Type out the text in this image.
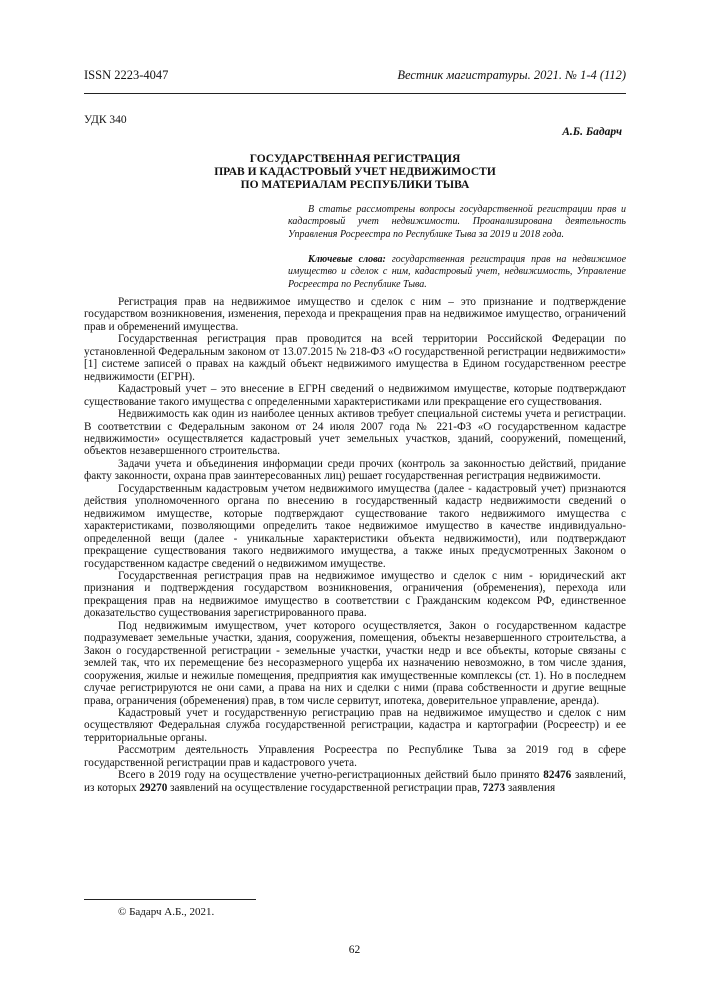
ISSN 2223-4047	Вестник магистратуры. 2021. № 1-4 (112)
УДК 340
А.Б. Бадарч
ГОСУДАРСТВЕННАЯ РЕГИСТРАЦИЯ
ПРАВ И КАДАСТРОВЫЙ УЧЕТ НЕДВИЖИМОСТИ
ПО МАТЕРИАЛАМ РЕСПУБЛИКИ ТЫВА

В статье рассмотрены вопросы государственной регистрации прав и кадастровый учет недвижимости. Проанализирована деятельность Управления Росреестра по Республике Тыва за 2019 и 2018 года.

Ключевые слова: государственная регистрация прав на недвижимое имущество и сделок с ним, кадастровый учет, недвижимость, Управление Росреестра по Республике Тыва.

Регистрация прав на недвижимое имущество и сделок с ним – это признание и подтверждение государством возникновения, изменения, перехода и прекращения прав на недвижимое имущество, ограничений прав и обременений имущества.

Государственная регистрация прав проводится на всей территории Российской Федерации по установленной Федеральным законом от 13.07.2015 № 218-ФЗ «О государственной регистрации недвижимости» [1] системе записей о правах на каждый объект недвижимого имущества в Едином государственном реестре недвижимости (ЕГРН).

Кадастровый учет – это внесение в ЕГРН сведений о недвижимом имуществе, которые подтверждают существование такого имущества с определенными характеристиками или прекращение его существования.

Недвижимость как один из наиболее ценных активов требует специальной системы учета и регистрации. В соответствии с Федеральным законом от 24 июля 2007 года № 221-ФЗ «О государственном кадастре недвижимости» осуществляется кадастровый учет земельных участков, зданий, сооружений, помещений, объектов незавершенного строительства.

Задачи учета и объединения информации среди прочих (контроль за законностью действий, придание факту законности, охрана прав заинтересованных лиц) решает государственная регистрация недвижимости.

Государственным кадастровым учетом недвижимого имущества (далее - кадастровый учет) признаются действия уполномоченного органа по внесению в государственный кадастр недвижимости сведений о недвижимом имуществе, которые подтверждают существование такого недвижимого имущества с характеристиками, позволяющими определить такое недвижимое имущество в качестве индивидуально-определенной вещи (далее - уникальные характеристики объекта недвижимости), или подтверждают прекращение существования такого недвижимого имущества, а также иных предусмотренных Законом о государственном кадастре сведений о недвижимом имуществе.

Государственная регистрация прав на недвижимое имущество и сделок с ним - юридический акт признания и подтверждения государством возникновения, ограничения (обременения), перехода или прекращения прав на недвижимое имущество в соответствии с Гражданским кодексом РФ, единственное доказательство существования зарегистрированного права.

Под недвижимым имуществом, учет которого осуществляется, Закон о государственном кадастре подразумевает земельные участки, здания, сооружения, помещения, объекты незавершенного строительства, а Закон о государственной регистрации - земельные участки, участки недр и все объекты, которые связаны с землей так, что их перемещение без несоразмерного ущерба их назначению невозможно, в том числе здания, сооружения, жилые и нежилые помещения, предприятия как имущественные комплексы (ст. 1). Но в последнем случае регистрируются не они сами, а права на них и сделки с ними (права собственности и другие вещные права, ограничения (обременения) прав, в том числе сервитут, ипотека, доверительное управление, аренда).

Кадастровый учет и государственную регистрацию прав на недвижимое имущество и сделок с ним осуществляют Федеральная служба государственной регистрации, кадастра и картографии (Росреестр) и ее территориальные органы.

Рассмотрим деятельность Управления Росреестра по Республике Тыва за 2019 год в сфере государственной регистрации прав и кадастрового учета.

Всего в 2019 году на осуществление учетно-регистрационных действий было принято 82476 заявлений, из которых 29270 заявлений на осуществление государственной регистрации прав, 7273 заявления

© Бадарч А.Б., 2021.
62
